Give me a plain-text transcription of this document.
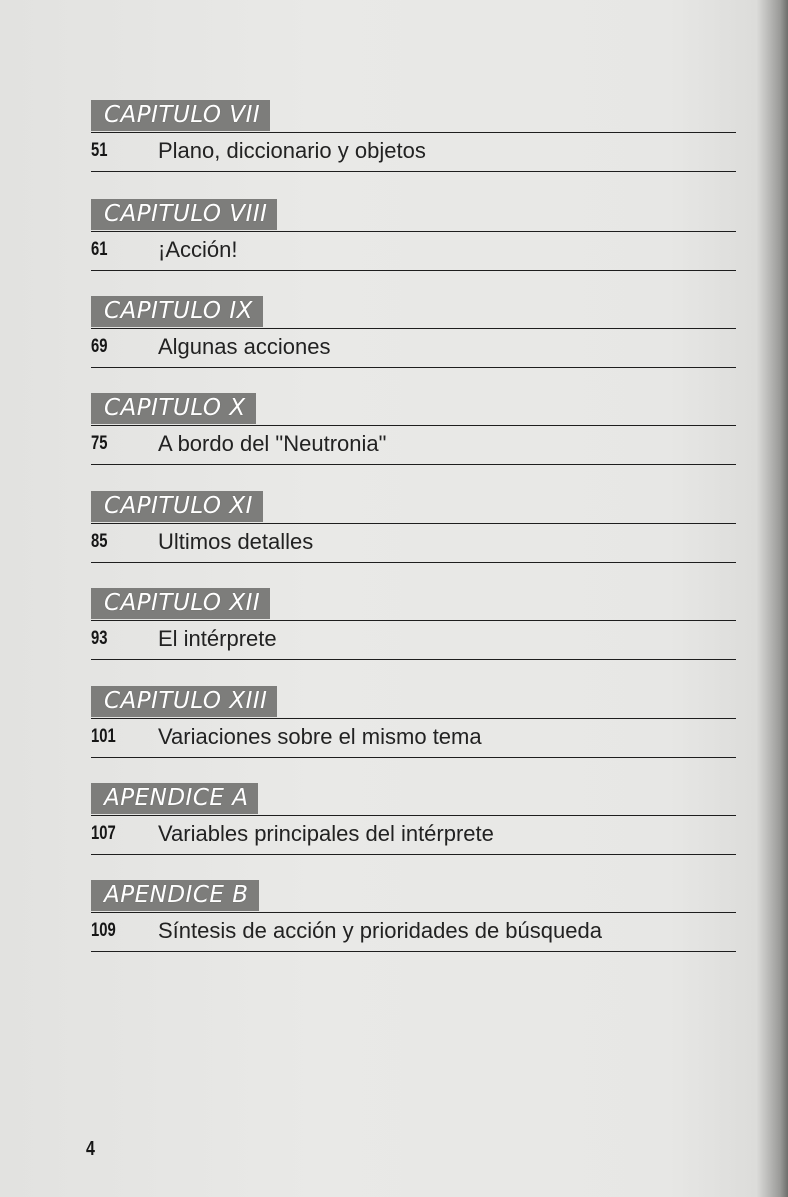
CAPITULO VII
51 Plano, diccionario y objetos
CAPITULO VIII
61 ¡Acción!
CAPITULO IX
69 Algunas acciones
CAPITULO X
75 A bordo del "Neutronia"
CAPITULO XI
85 Ultimos detalles
CAPITULO XII
93 El intérprete
CAPITULO XIII
101 Variaciones sobre el mismo tema
APENDICE A
107 Variables principales del intérprete
APENDICE B
109 Síntesis de acción y prioridades de búsqueda
4
